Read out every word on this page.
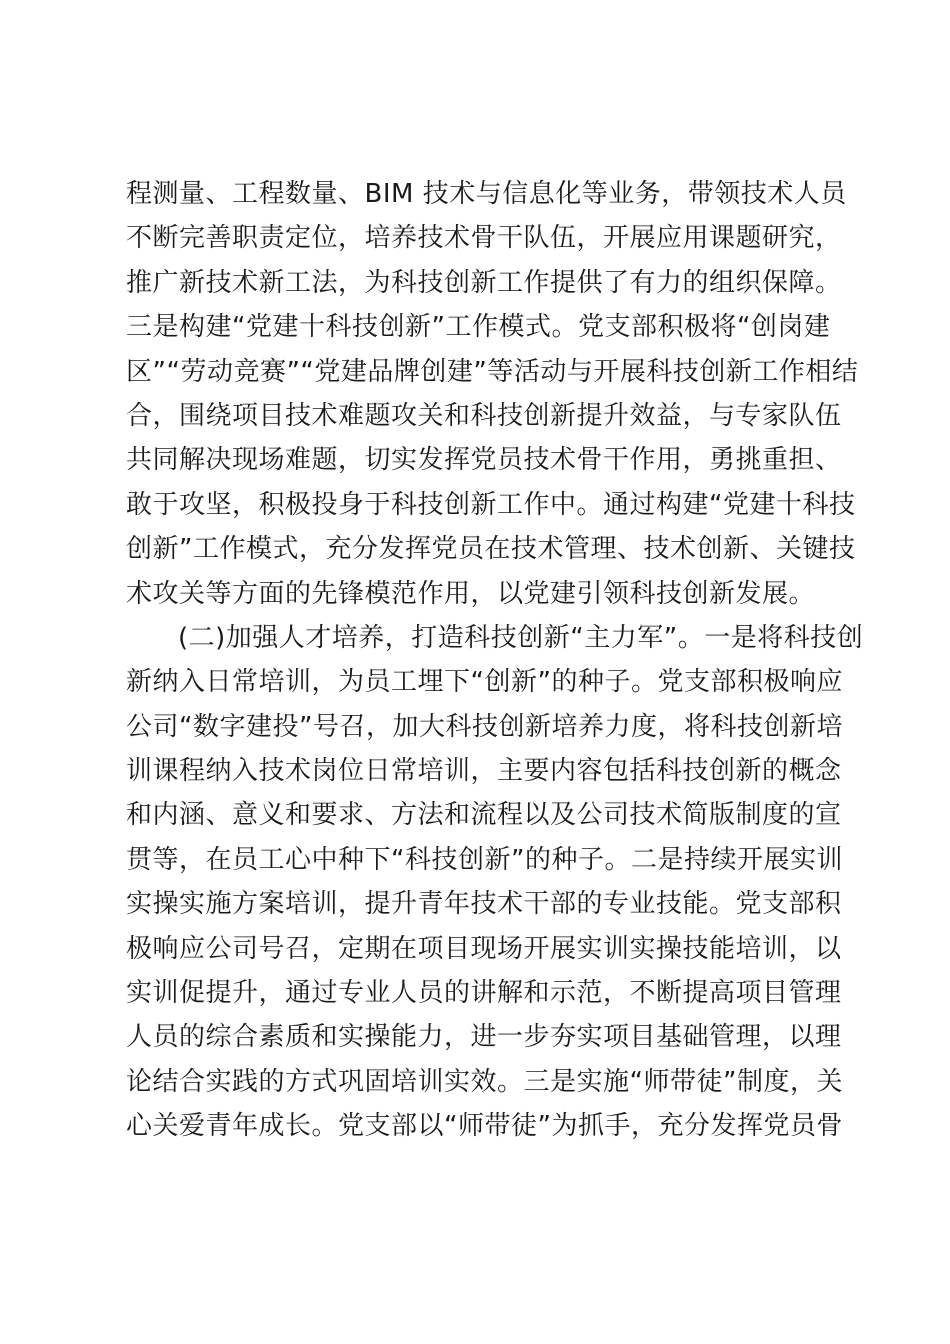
程测量、工程数量、BIM 技术与信息化等业务，带领技术人员
不断完善职责定位，培养技术骨干队伍，开展应用课题研究，
推广新技术新工法，为科技创新工作提供了有力的组织保障。
三是构建“党建十科技创新”工作模式。党支部积极将“创岗建
区”“劳动竞赛”“党建品牌创建”等活动与开展科技创新工作相结
合，围绕项目技术难题攻关和科技创新提升效益，与专家队伍
共同解决现场难题，切实发挥党员技术骨干作用，勇挑重担、
敢于攻坚，积极投身于科技创新工作中。通过构建“党建十科技
创新”工作模式，充分发挥党员在技术管理、技术创新、关键技
术攻关等方面的先锋模范作用，以党建引领科技创新发展。
(二)加强人才培养，打造科技创新“主力军”。一是将科技创
新纳入日常培训，为员工埋下“创新”的种子。党支部积极响应
公司“数字建投”号召，加大科技创新培养力度，将科技创新培
训课程纳入技术岗位日常培训，主要内容包括科技创新的概念
和内涵、意义和要求、方法和流程以及公司技术简版制度的宣
贯等，在员工心中种下“科技创新”的种子。二是持续开展实训
实操实施方案培训，提升青年技术干部的专业技能。党支部积
极响应公司号召，定期在项目现场开展实训实操技能培训，以
实训促提升，通过专业人员的讲解和示范，不断提高项目管理
人员的综合素质和实操能力，进一步夯实项目基础管理，以理
论结合实践的方式巩固培训实效。三是实施“师带徒”制度，关
心关爱青年成长。党支部以“师带徒”为抓手，充分发挥党员骨
